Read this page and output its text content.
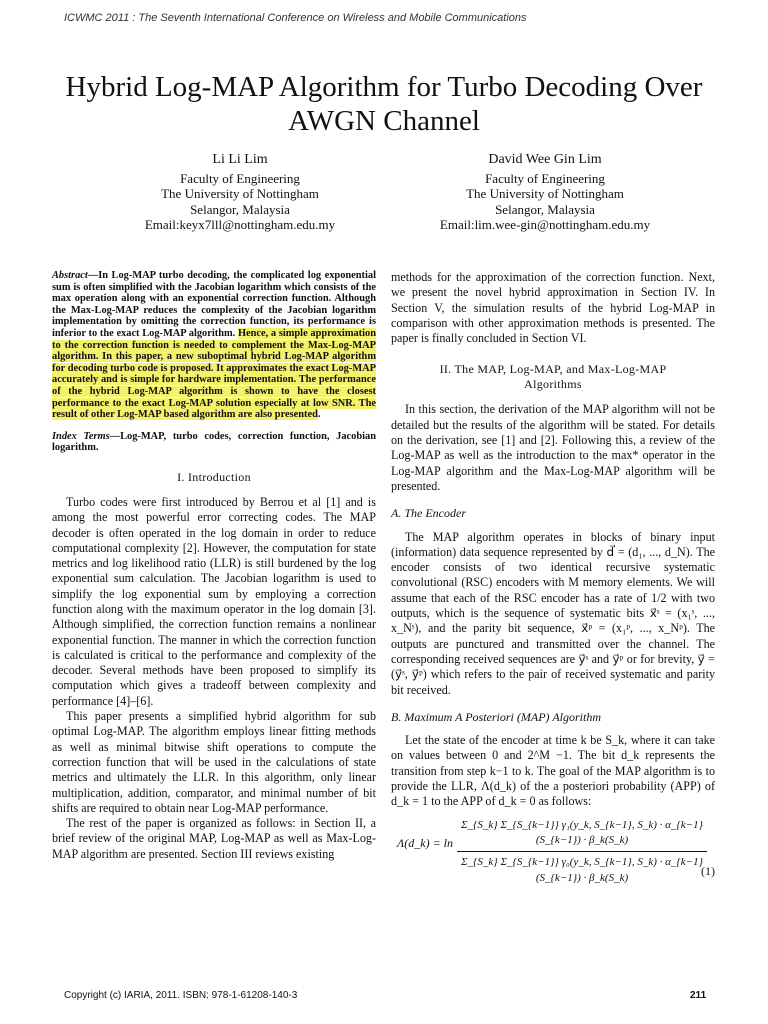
ICWMC 2011 : The Seventh International Conference on Wireless and Mobile Communications
Hybrid Log-MAP Algorithm for Turbo Decoding Over AWGN Channel
Li Li Lim
Faculty of Engineering
The University of Nottingham
Selangor, Malaysia
Email:keyx7lll@nottingham.edu.my
David Wee Gin Lim
Faculty of Engineering
The University of Nottingham
Selangor, Malaysia
Email:lim.wee-gin@nottingham.edu.my
Abstract—In Log-MAP turbo decoding, the complicated log exponential sum is often simplified with the Jacobian logarithm which consists of the max operation along with an exponential correction function. Although the Max-Log-MAP reduces the complexity of the Jacobian logarithm implementation by omitting the correction function, its performance is inferior to the exact Log-MAP algorithm. Hence, a simple approximation to the correction function is needed to complement the Max-Log-MAP algorithm. In this paper, a new suboptimal hybrid Log-MAP algorithm for decoding turbo code is proposed. It approximates the exact Log-MAP accurately and is simple for hardware implementation. The performance of the hybrid Log-MAP algorithm is shown to have the closest performance to the exact Log-MAP solution especially at low SNR. The result of other Log-MAP based algorithm are also presented.
Index Terms—Log-MAP, turbo codes, correction function, Jacobian logarithm.
I. Introduction

Turbo codes were first introduced by Berrou et al [1] and is among the most powerful error correcting codes. The MAP decoder is often operated in the log domain in order to reduce computational complexity [2]. However, the computation for state metrics and log likelihood ratio (LLR) is still burdened by the log exponential sum calculation. The Jacobian logarithm is used to simplify the log exponential sum by employing a correction function along with the maximum operator in the log domain [3]. Although simplified, the correction function remains a nonlinear exponential function. The manner in which the correction function is calculated is critical to the performance and complexity of the decoder. Several methods have been proposed to simplify its computation which gives a tradeoff between complexity and performance [4]–[6].

This paper presents a simplified hybrid algorithm for sub optimal Log-MAP. The algorithm employs linear fitting methods as well as minimal bitwise shift operations to compute the correction function that will be used in the calculations of state metrics and ultimately the LLR. In this algorithm, only linear multiplication, addition, comparator, and minimal number of bit shifts are required to obtain near Log-MAP performance.

The rest of the paper is organized as follows: in Section II, a brief review of the original MAP, Log-MAP as well as Max-Log-MAP algorithm are presented. Section III reviews existing

methods for the approximation of the correction function. Next, we present the novel hybrid approximation in Section IV. In Section V, the simulation results of the hybrid Log-MAP in comparison with other approximation methods is presented. The paper is finally concluded in Section VI.

II. The MAP, Log-MAP, and Max-Log-MAP
Algorithms

In this section, the derivation of the MAP algorithm will not be detailed but the results of the algorithm will be stated. For details on the derivation, see [1] and [2]. Following this, a review of the Log-MAP as well as the introduction to the max* operator in the Log-MAP algorithm and the Max-Log-MAP algorithm will be presented.

A. The Encoder

The MAP algorithm operates in blocks of binary input (information) data sequence represented by d⃗ = (d₁, ..., d_N). The encoder consists of two identical recursive systematic convolutional (RSC) encoders with M memory elements. We will assume that each of the RSC encoder has a rate of 1/2 with two outputs, which is the sequence of systematic bits x⃗ˢ = (x₁ˢ, ..., x_Nˢ), and the parity bit sequence, x⃗ᵖ = (x₁ᵖ, ..., x_Nᵖ). The outputs are punctured and transmitted over the channel. The corresponding received sequences are y⃗ˢ and y⃗ᵖ or for brevity, y⃗ = (y⃗ˢ, y⃗ᵖ) which refers to the pair of received systematic and parity bit received.

B. Maximum A Posteriori (MAP) Algorithm

Let the state of the encoder at time k be S_k, where it can take on values between 0 and 2^M −1. The bit d_k represents the transition from step k−1 to k. The goal of the MAP algorithm is to provide the LLR, Λ(d_k) of the a posteriori probability (APP) of d_k = 1 to the APP of d_k = 0 as follows:

Λ(d_k) = ln
Σ_{S_k} Σ_{S_{k−1}} γ₁(y_k, S_{k−1}, S_k) · α_{k−1}(S_{k−1}) · β_k(S_k)
Σ_{S_k} Σ_{S_{k−1}} γ₀(y_k, S_{k−1}, S_k) · α_{k−1}(S_{k−1}) · β_k(S_k)	(1)
Copyright (c) IARIA, 2011. ISBN: 978-1-61208-140-3	211
